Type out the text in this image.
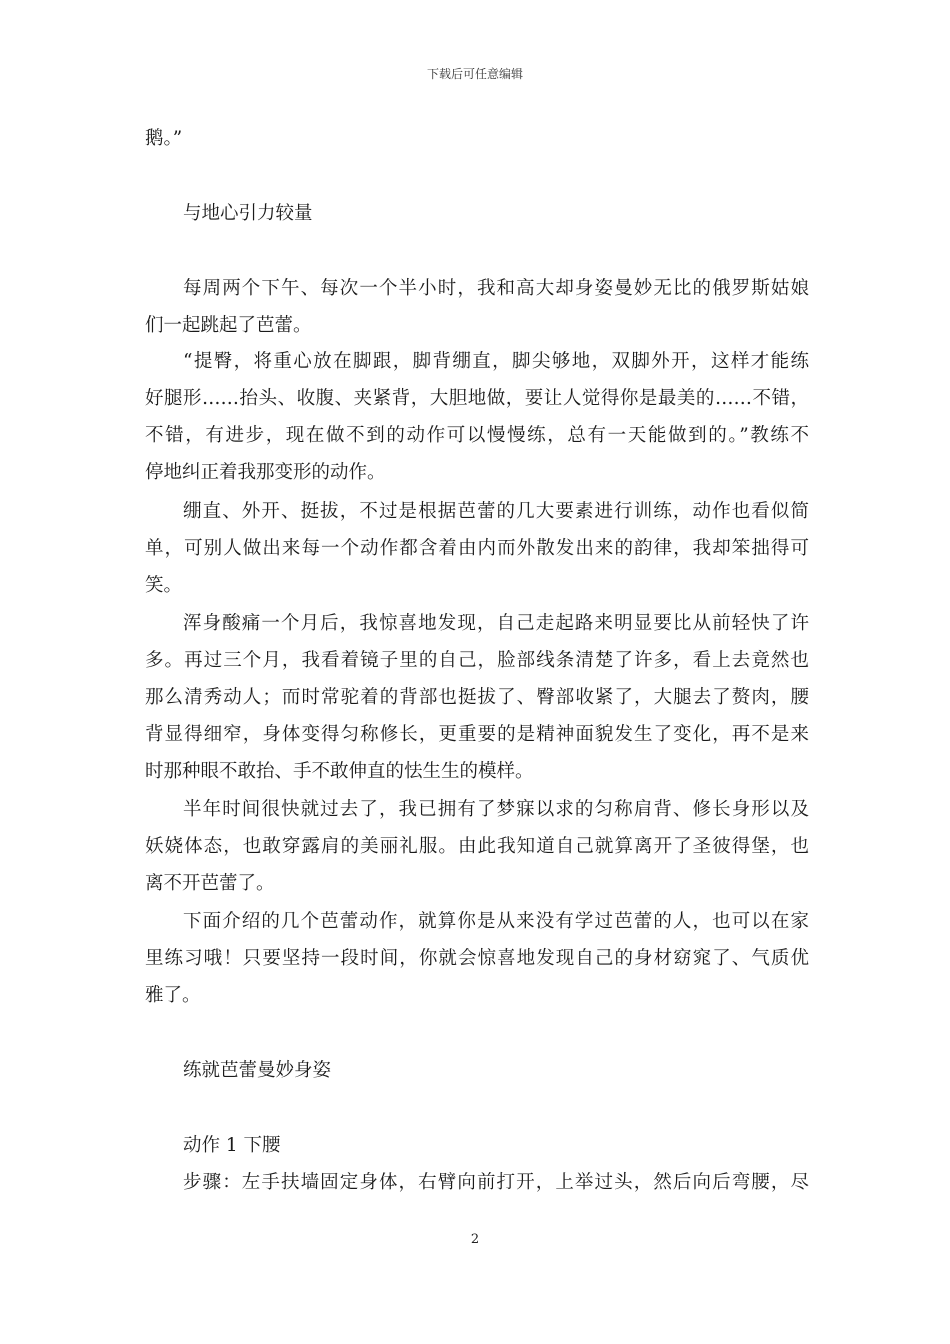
下载后可任意编辑
鹅。”
与地心引力较量
每周两个下午、每次一个半小时，我和高大却身姿曼妙无比的俄罗斯姑娘
们一起跳起了芭蕾。
“提臀，将重心放在脚跟，脚背绷直，脚尖够地，双脚外开，这样才能练
好腿形……抬头、收腹、夹紧背，大胆地做，要让人觉得你是最美的……不错，
不错，有进步，现在做不到的动作可以慢慢练，总有一天能做到的。”教练不
停地纠正着我那变形的动作。
绷直、外开、挺拔，不过是根据芭蕾的几大要素进行训练，动作也看似简
单，可别人做出来每一个动作都含着由内而外散发出来的韵律，我却笨拙得可
笑。
浑身酸痛一个月后，我惊喜地发现，自己走起路来明显要比从前轻快了许
多。再过三个月，我看着镜子里的自己，脸部线条清楚了许多，看上去竟然也
那么清秀动人；而时常驼着的背部也挺拔了、臀部收紧了，大腿去了赘肉，腰
背显得细窄，身体变得匀称修长，更重要的是精神面貌发生了变化，再不是来
时那种眼不敢抬、手不敢伸直的怯生生的模样。
半年时间很快就过去了，我已拥有了梦寐以求的匀称肩背、修长身形以及
妖娆体态，也敢穿露肩的美丽礼服。由此我知道自己就算离开了圣彼得堡，也
离不开芭蕾了。
下面介绍的几个芭蕾动作，就算你是从来没有学过芭蕾的人，也可以在家
里练习哦！只要坚持一段时间，你就会惊喜地发现自己的身材窈窕了、气质优
雅了。
练就芭蕾曼妙身姿
动作 1 下腰
步骤：左手扶墙固定身体，右臂向前打开，上举过头，然后向后弯腰，尽
2
